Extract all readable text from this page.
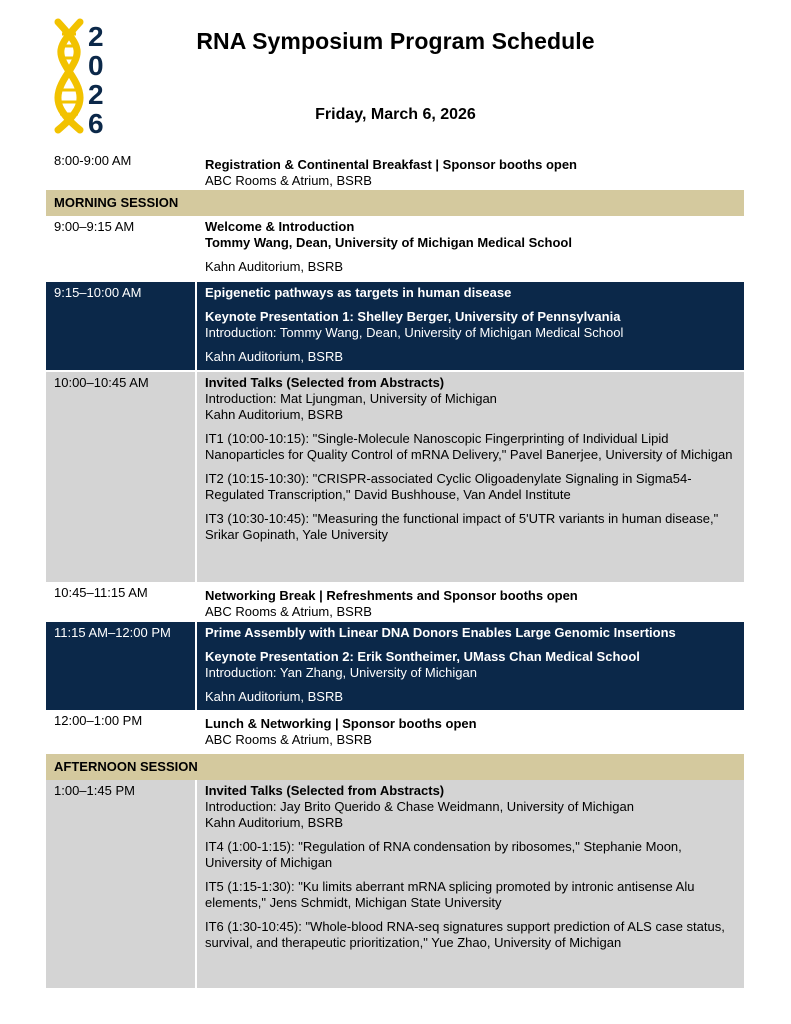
2
0
2
6
RNA Symposium Program Schedule
Friday, March 6, 2026
8:00-9:00 AM	Registration & Continental Breakfast | Sponsor booths open
ABC Rooms & Atrium, BSRB
MORNING SESSION
9:00–9:15 AM	Welcome & Introduction
Tommy Wang, Dean, University of Michigan Medical School
Kahn Auditorium, BSRB
9:15–10:00 AM	Epigenetic pathways as targets in human disease
Keynote Presentation 1: Shelley Berger, University of Pennsylvania
Introduction: Tommy Wang, Dean, University of Michigan Medical School
Kahn Auditorium, BSRB
10:00–10:45 AM	Invited Talks (Selected from Abstracts)
Introduction: Mat Ljungman, University of Michigan
Kahn Auditorium, BSRB
IT1 (10:00-10:15): "Single-Molecule Nanoscopic Fingerprinting of Individual Lipid Nanoparticles for Quality Control of mRNA Delivery," Pavel Banerjee, University of Michigan
IT2 (10:15-10:30): "CRISPR-associated Cyclic Oligoadenylate Signaling in Sigma54-Regulated Transcription," David Bushhouse, Van Andel Institute
IT3 (10:30-10:45): "Measuring the functional impact of 5'UTR variants in human disease," Srikar Gopinath, Yale University
10:45–11:15 AM	Networking Break | Refreshments and Sponsor booths open
ABC Rooms & Atrium, BSRB
11:15 AM–12:00 PM	Prime Assembly with Linear DNA Donors Enables Large Genomic Insertions
Keynote Presentation 2: Erik Sontheimer, UMass Chan Medical School
Introduction: Yan Zhang, University of Michigan
Kahn Auditorium, BSRB
12:00–1:00 PM	Lunch & Networking | Sponsor booths open
ABC Rooms & Atrium, BSRB
AFTERNOON SESSION
1:00–1:45 PM	Invited Talks (Selected from Abstracts)
Introduction: Jay Brito Querido & Chase Weidmann, University of Michigan
Kahn Auditorium, BSRB
IT4 (1:00-1:15): "Regulation of RNA condensation by ribosomes," Stephanie Moon, University of Michigan
IT5 (1:15-1:30): "Ku limits aberrant mRNA splicing promoted by intronic antisense Alu elements," Jens Schmidt, Michigan State University
IT6 (1:30-10:45): "Whole-blood RNA-seq signatures support prediction of ALS case status, survival, and therapeutic prioritization," Yue Zhao, University of Michigan
